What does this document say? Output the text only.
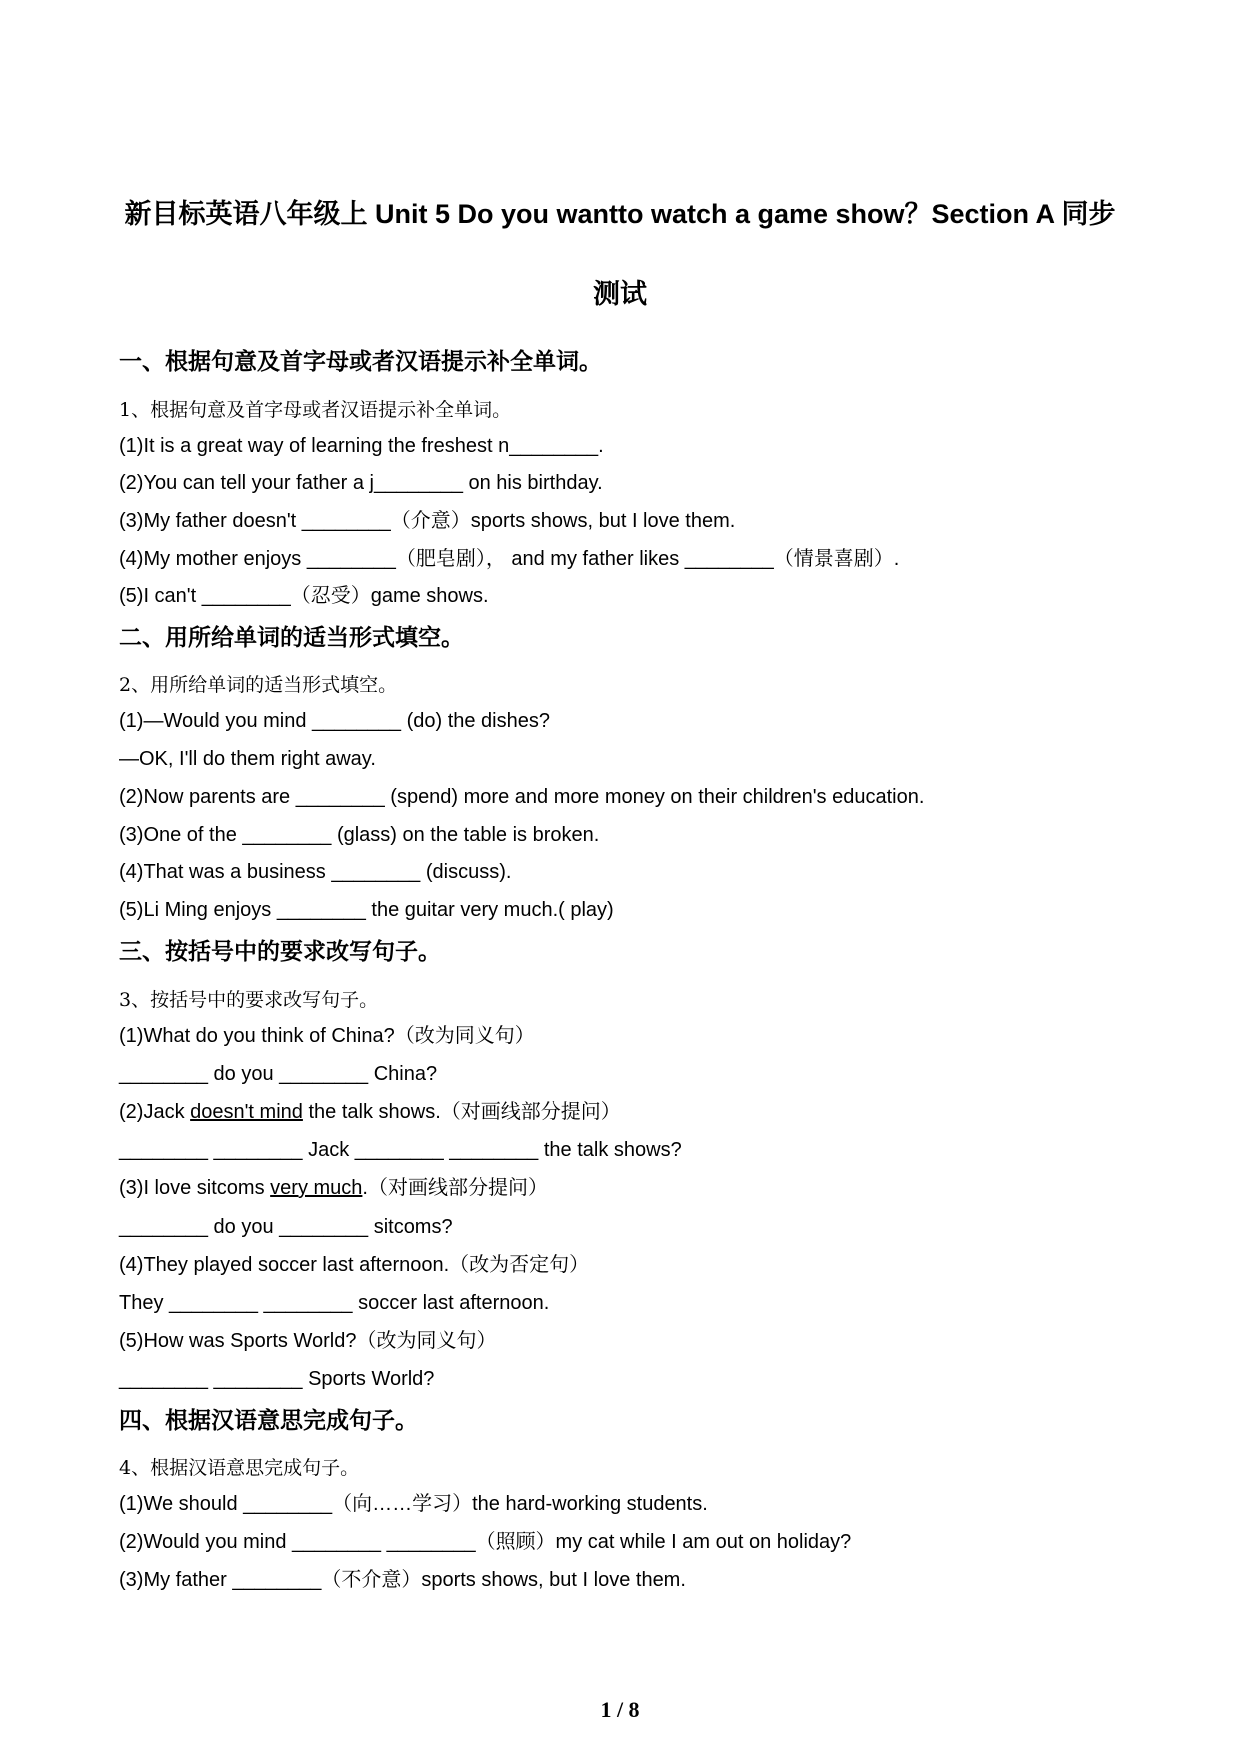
新目标英语八年级上 Unit 5 Do you wantto watch a game show？Section A 同步
测试
一、根据句意及首字母或者汉语提示补全单词。
1、根据句意及首字母或者汉语提示补全单词。
(1)It is a great way of learning the freshest n________.
(2)You can tell your father a j________ on his birthday.
(3)My father doesn't ________（介意）sports shows, but I love them.
(4)My mother enjoys ________（肥皂剧）， and my father likes ________（情景喜剧）.
(5)I can't ________（忍受）game shows.
二、用所给单词的适当形式填空。
2、用所给单词的适当形式填空。
(1)—Would you mind ________ (do) the dishes?
—OK, I'll do them right away.
(2)Now parents are ________ (spend) more and more money on their children's education.
(3)One of the ________ (glass) on the table is broken.
(4)That was a business ________ (discuss).
(5)Li Ming enjoys ________ the guitar very much.( play)
三、按括号中的要求改写句子。
3、按括号中的要求改写句子。
(1)What do you think of China?（改为同义句）
________ do you ________ China?
(2)Jack doesn't mind the talk shows.（对画线部分提问）
________ ________ Jack ________ ________ the talk shows?
(3)I love sitcoms very much.（对画线部分提问）
________ do you ________ sitcoms?
(4)They played soccer last afternoon.（改为否定句）
They ________ ________ soccer last afternoon.
(5)How was Sports World?（改为同义句）
________ ________ Sports World?
四、根据汉语意思完成句子。
4、根据汉语意思完成句子。
(1)We should ________（向……学习）the hard-working students.
(2)Would you mind ________ ________（照顾）my cat while I am out on holiday?
(3)My father ________（不介意）sports shows, but I love them.
1 / 8
